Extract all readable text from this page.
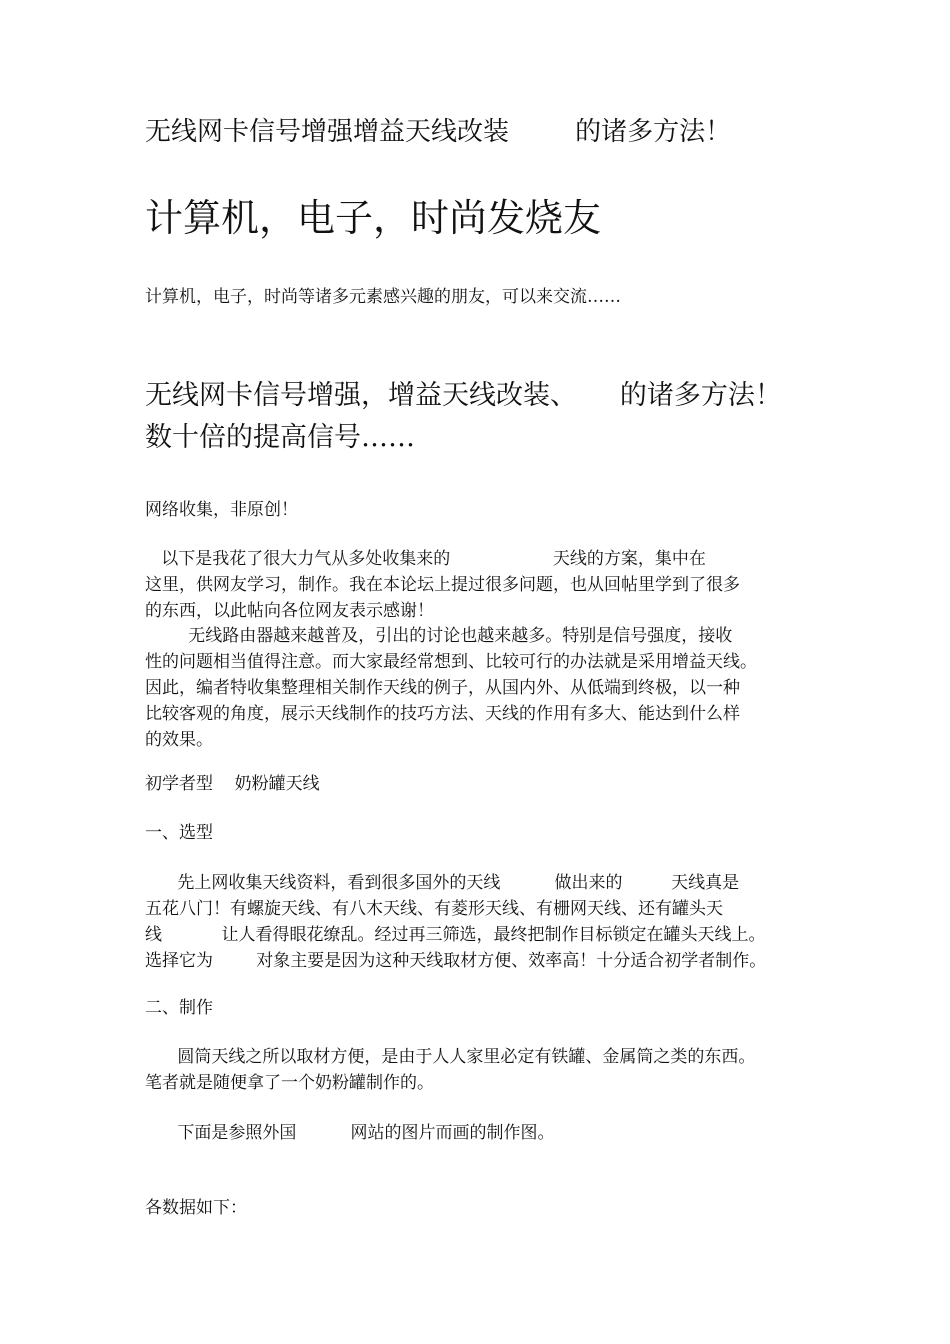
无线网卡信号增强增益天线改装        的诸多方法！
计算机，电子，时尚发烧友
计算机，电子，时尚等诸多元素感兴趣的朋友，可以来交流……
无线网卡信号增强，增益天线改装、     的诸多方法！
数十倍的提高信号……
网络收集，非原创！
以下是我花了很大力气从多处收集来的                   天线的方案，集中在
这里，供网友学习，制作。我在本论坛上提过很多问题，也从回帖里学到了很多
的东西，以此帖向各位网友表示感谢！
无线路由器越来越普及，引出的讨论也越来越多。特别是信号强度，接收
性的问题相当值得注意。而大家最经常想到、比较可行的办法就是采用增益天线。
因此，编者特收集整理相关制作天线的例子，从国内外、从低端到终极，以一种
比较客观的角度，展示天线制作的技巧方法、天线的作用有多大、能达到什么样
的效果。
初学者型    奶粉罐天线
一、选型
先上网收集天线资料，看到很多国外的天线          做出来的         天线真是
五花八门！有螺旋天线、有八木天线、有菱形天线、有栅网天线、还有罐头天
线           让人看得眼花缭乱。经过再三筛选，最终把制作目标锁定在罐头天线上。
选择它为        对象主要是因为这种天线取材方便、效率高！十分适合初学者制作。
二、制作
圆筒天线之所以取材方便，是由于人人家里必定有铁罐、金属筒之类的东西。
笔者就是随便拿了一个奶粉罐制作的。
下面是参照外国          网站的图片而画的制作图。
各数据如下：
